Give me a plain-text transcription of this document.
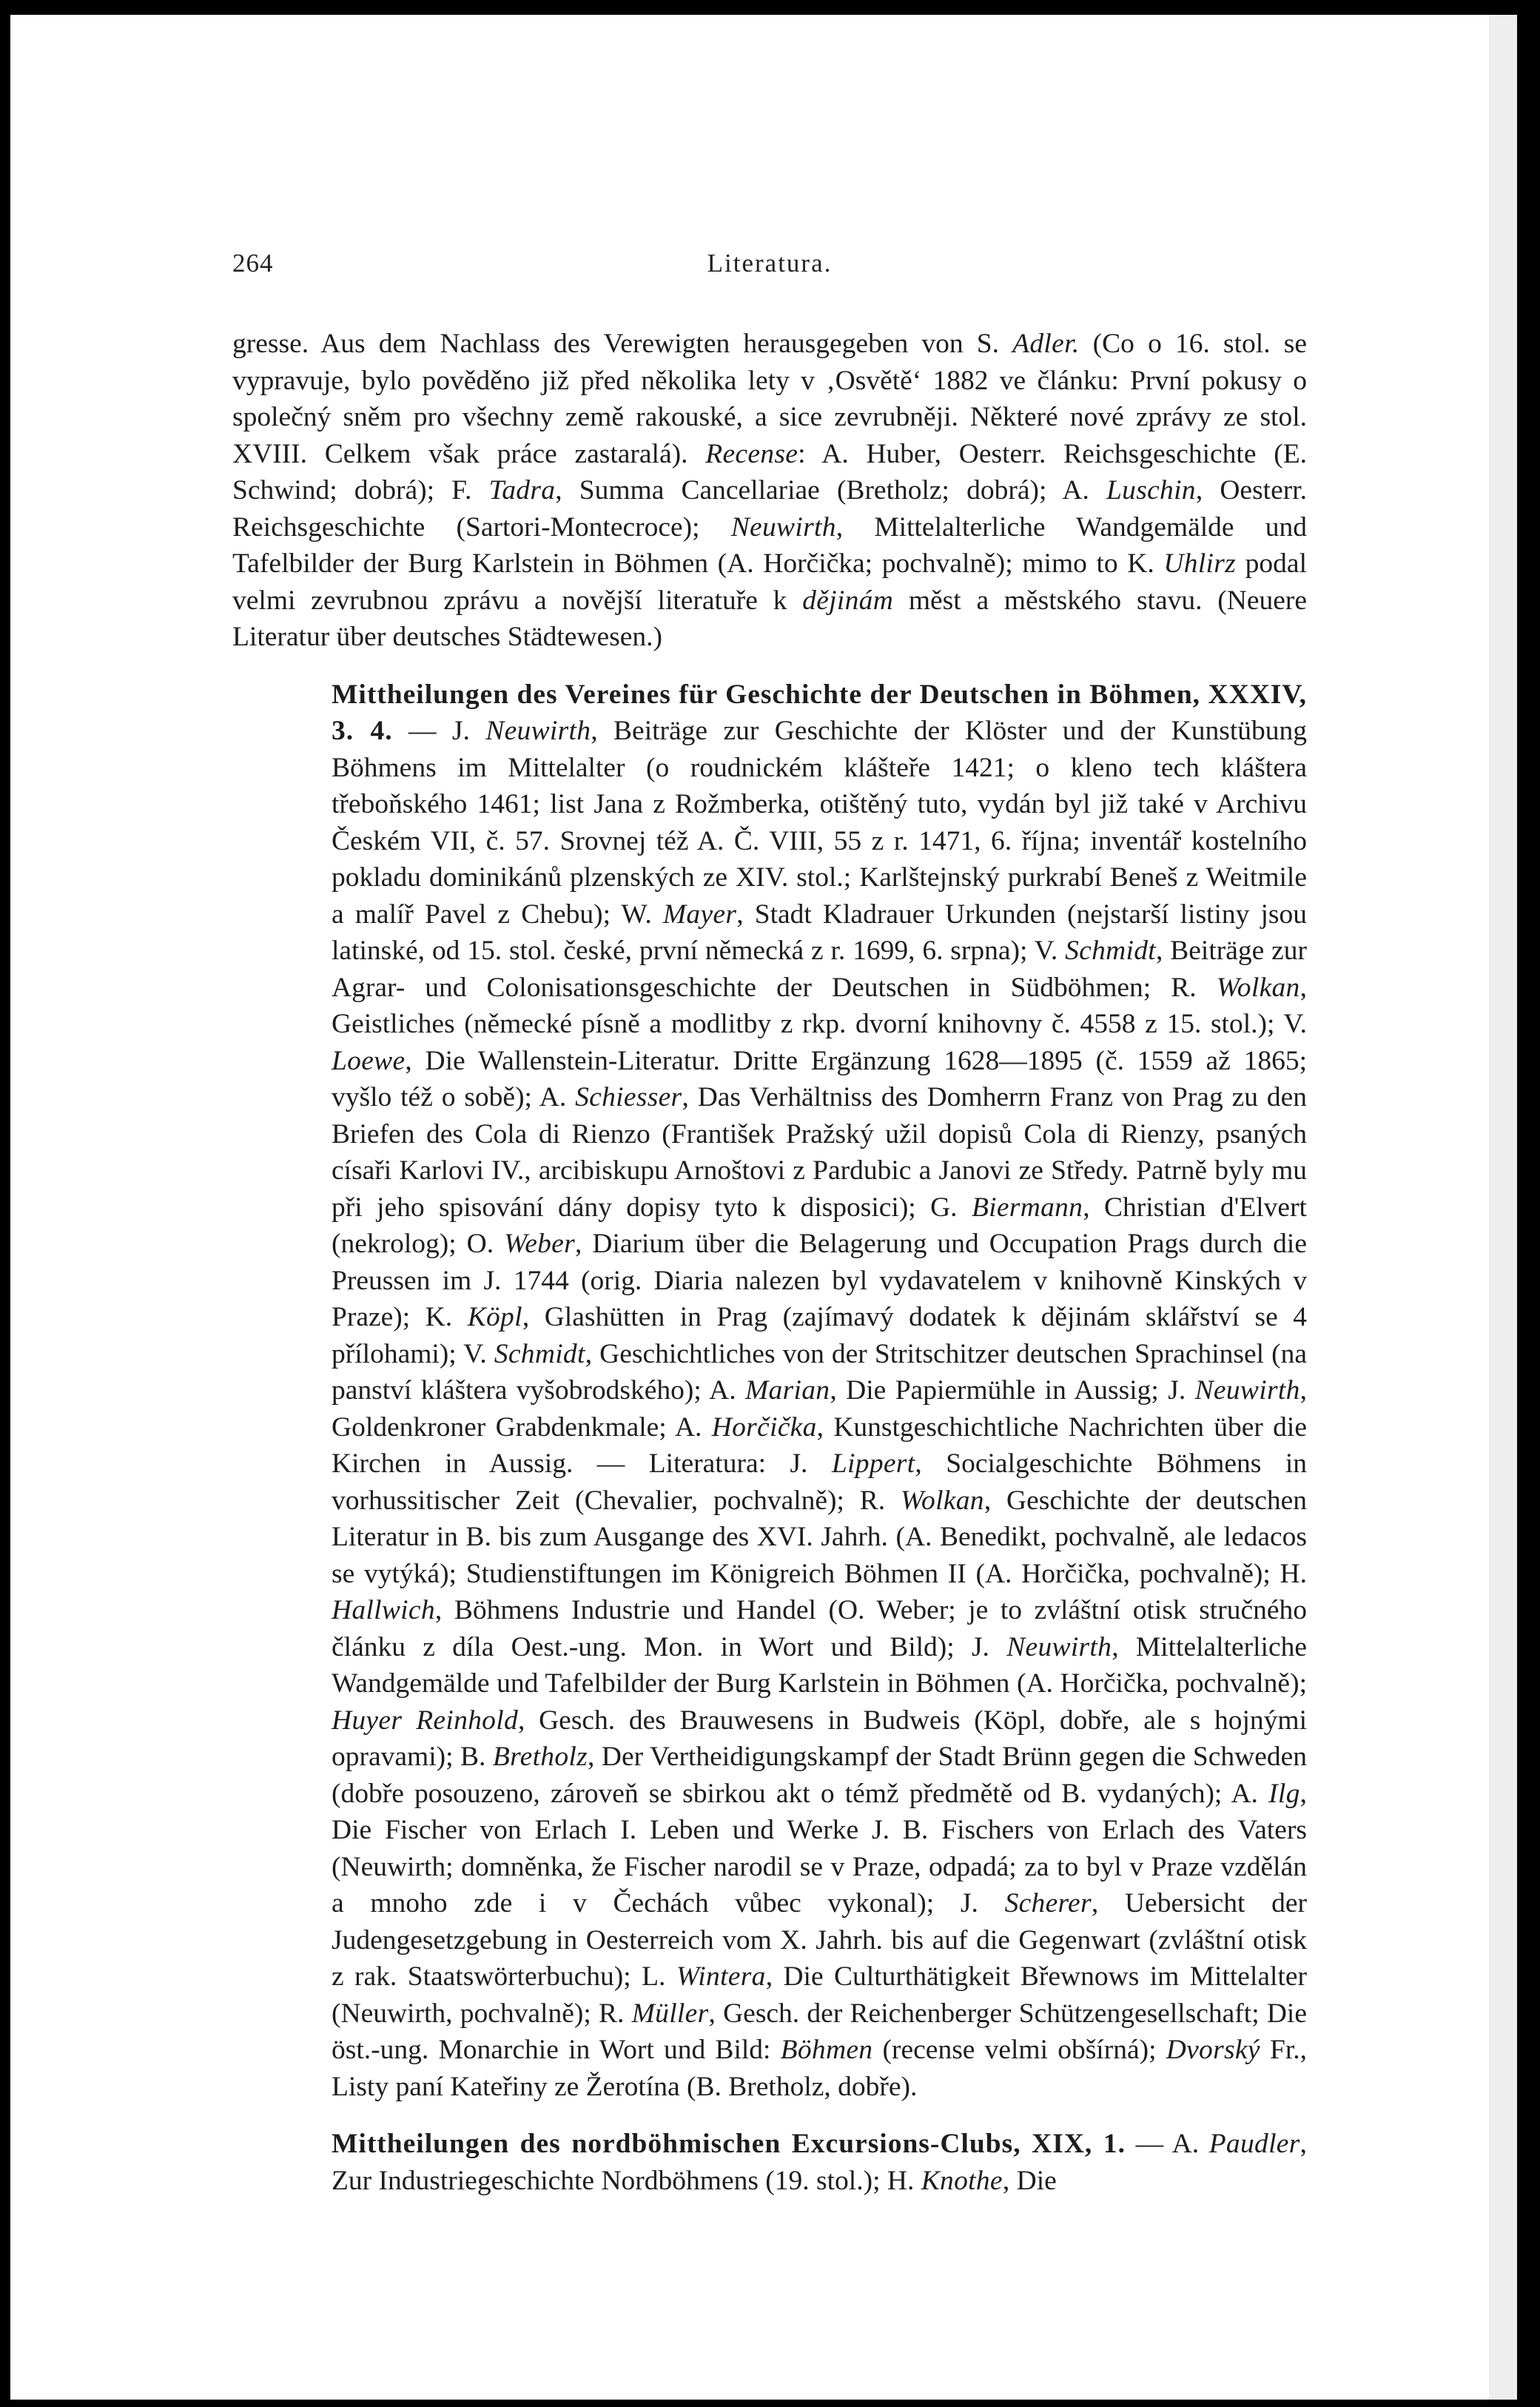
264	Literatura.

gresse. Aus dem Nachlass des Verewigten herausgegeben von S. Adler. (Co o 16. stol. se vypravuje, bylo pověděno již před několika lety v ‚Osvětě‘ 1882 ve článku: První pokusy o společný sněm pro všechny země rakouské, a sice zevrubněji. Některé nové zprávy ze stol. XVIII. Celkem však práce zastaralá). Recense: A. Huber, Oesterr. Reichsgeschichte (E. Schwind; dobrá); F. Tadra, Summa Cancellariae (Bretholz; dobrá); A. Luschin, Oesterr. Reichsgeschichte (Sartori-Montecroce); Neuwirth, Mittelalterliche Wandgemälde und Tafelbilder der Burg Karlstein in Böhmen (A. Horčička; pochvalně); mimo to K. Uhlirz podal velmi zevrubnou zprávu a novější literatuře k dějinám měst a městského stavu. (Neuere Literatur über deutsches Städtewesen.)

Mittheilungen des Vereines für Geschichte der Deutschen in Böhmen, XXXIV, 3. 4. — J. Neuwirth, Beiträge zur Geschichte der Klöster und der Kunstübung Böhmens im Mittelalter (o roudnickém klášteře 1421; o kleno tech kláštera třeboňského 1461; list Jana z Rožmberka, otištěný tuto, vydán byl již také v Archivu Českém VII, č. 57. Srovnej též A. Č. VIII, 55 z r. 1471, 6. října; inventář kostelního pokladu dominikánů plzenských ze XIV. stol.; Karlštejnský purkrabí Beneš z Weitmile a malíř Pavel z Chebu); W. Mayer, Stadt Kladrauer Urkunden (nejstarší listiny jsou latinské, od 15. stol. české, první německá z r. 1699, 6. srpna); V. Schmidt, Beiträge zur Agrar- und Colonisationsgeschichte der Deutschen in Südböhmen; R. Wolkan, Geistliches (německé písně a modlitby z rkp. dvorní knihovny č. 4558 z 15. stol.); V. Loewe, Die Wallenstein-Literatur. Dritte Ergänzung 1628—1895 (č. 1559 až 1865; vyšlo též o sobě); A. Schiesser, Das Verhältniss des Domherrn Franz von Prag zu den Briefen des Cola di Rienzo (František Pražský užil dopisů Cola di Rienzy, psaných císaři Karlovi IV., arcibiskupu Arnoštovi z Pardubic a Janovi ze Středy. Patrně byly mu při jeho spisování dány dopisy tyto k disposici); G. Biermann, Christian d'Elvert (nekrolog); O. Weber, Diarium über die Belagerung und Occupation Prags durch die Preussen im J. 1744 (orig. Diaria nalezen byl vydavatelem v knihovně Kinských v Praze); K. Köpl, Glashütten in Prag (zajímavý dodatek k dějinám sklářství se 4 přílohami); V. Schmidt, Geschichtliches von der Stritschitzer deutschen Sprachinsel (na panství kláštera vyšobrodského); A. Marian, Die Papiermühle in Aussig; J. Neuwirth, Goldenkroner Grabdenkmale; A. Horčička, Kunstgeschichtliche Nachrichten über die Kirchen in Aussig. — Literatura: J. Lippert, Socialgeschichte Böhmens in vorhussitischer Zeit (Chevalier, pochvalně); R. Wolkan, Geschichte der deutschen Literatur in B. bis zum Ausgange des XVI. Jahrh. (A. Benedikt, pochvalně, ale ledacos se vytýká); Studienstiftungen im Königreich Böhmen II (A. Horčička, pochvalně); H. Hallwich, Böhmens Industrie und Handel (O. Weber; je to zvláštní otisk stručného článku z díla Oest.-ung. Mon. in Wort und Bild); J. Neuwirth, Mittelalterliche Wandgemälde und Tafelbilder der Burg Karlstein in Böhmen (A. Horčička, pochvalně); Huyer Reinhold, Gesch. des Brauwesens in Budweis (Köpl, dobře, ale s hojnými opravami); B. Bretholz, Der Vertheidigungskampf der Stadt Brünn gegen die Schweden (dobře posouzeno, zároveň se sbirkou akt o témž předmětě od B. vydaných); A. Ilg, Die Fischer von Erlach I. Leben und Werke J. B. Fischers von Erlach des Vaters (Neuwirth; domněnka, že Fischer narodil se v Praze, odpadá; za to byl v Praze vzdělán a mnoho zde i v Čechách vůbec vykonal); J. Scherer, Uebersicht der Judengesetzgebung in Oesterreich vom X. Jahrh. bis auf die Gegenwart (zvláštní otisk z rak. Staatswörterbuchu); L. Wintera, Die Culturthätigkeit Břewnows im Mittelalter (Neuwirth, pochvalně); R. Müller, Gesch. der Reichenberger Schützengesellschaft; Die öst.-ung. Monarchie in Wort und Bild: Böhmen (recense velmi obšírná); Dvorský Fr., Listy paní Kateřiny ze Žerotína (B. Bretholz, dobře).

Mittheilungen des nordböhmischen Excursions-Clubs, XIX, 1. — A. Paudler, Zur Industriegeschichte Nordböhmens (19. stol.); H. Knothe, Die
